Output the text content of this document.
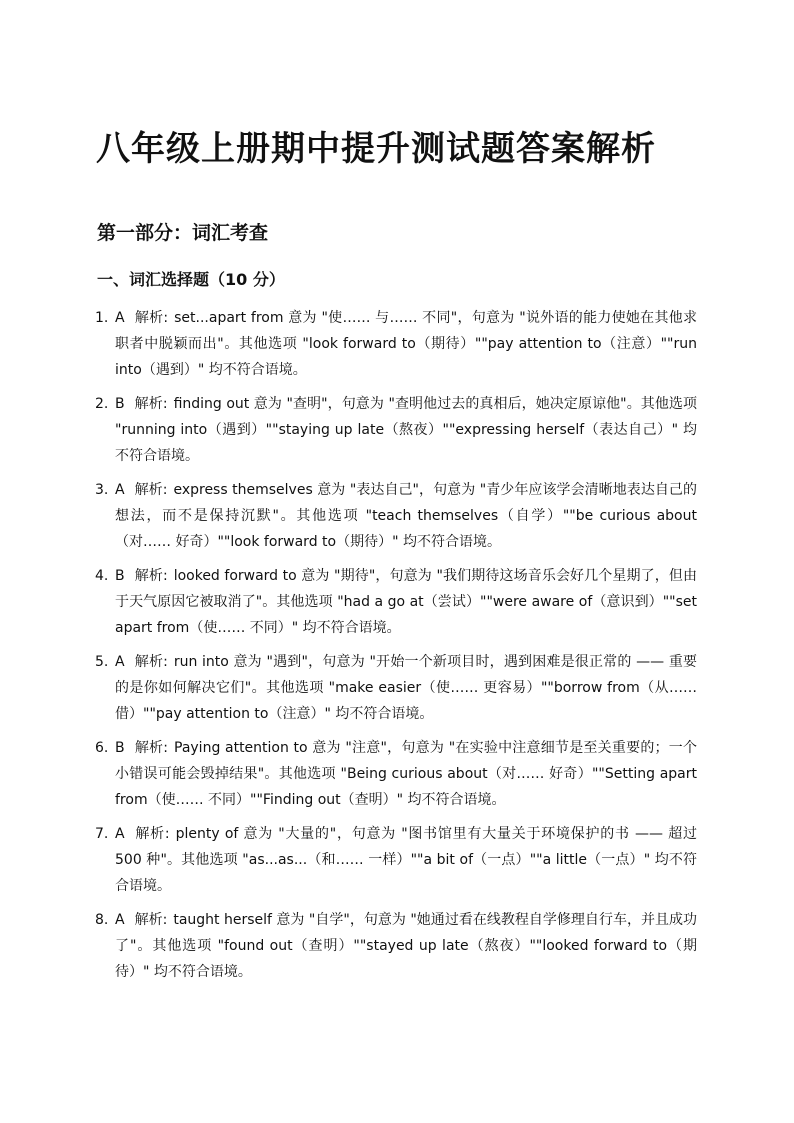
八年级上册期中提升测试题答案解析
第一部分：词汇考查
一、词汇选择题（10 分）

1. A 解析: set...apart from 意为 "使…… 与…… 不同"，句意为 "说外语的能力使她在其他求职者中脱颖而出"。其他选项 "look forward to（期待）""pay attention to（注意）""run into（遇到）" 均不符合语境。

2. B 解析: finding out 意为 "查明"，句意为 "查明他过去的真相后，她决定原谅他"。其他选项 "running into（遇到）""staying up late（熬夜）""expressing herself（表达自己）" 均不符合语境。

3. A 解析: express themselves 意为 "表达自己"，句意为 "青少年应该学会清晰地表达自己的想法，而不是保持沉默"。其他选项 "teach themselves（自学）""be curious about（对…… 好奇）""look forward to（期待）" 均不符合语境。

4. B 解析: looked forward to 意为 "期待"，句意为 "我们期待这场音乐会好几个星期了，但由于天气原因它被取消了"。其他选项 "had a go at（尝试）""were aware of（意识到）""set apart from（使…… 不同）" 均不符合语境。

5. A 解析: run into 意为 "遇到"，句意为 "开始一个新项目时，遇到困难是很正常的 —— 重要的是你如何解决它们"。其他选项 "make easier（使…… 更容易）""borrow from（从…… 借）""pay attention to（注意）" 均不符合语境。

6. B 解析: Paying attention to 意为 "注意"，句意为 "在实验中注意细节是至关重要的；一个小错误可能会毁掉结果"。其他选项 "Being curious about（对…… 好奇）""Setting apart from（使…… 不同）""Finding out（查明）" 均不符合语境。

7. A 解析: plenty of 意为 "大量的"，句意为 "图书馆里有大量关于环境保护的书 —— 超过 500 种"。其他选项 "as...as...（和…… 一样）""a bit of（一点）""a little（一点）" 均不符合语境。

8. A 解析: taught herself 意为 "自学"，句意为 "她通过看在线教程自学修理自行车，并且成功了"。其他选项 "found out（查明）""stayed up late（熬夜）""looked forward to（期待）" 均不符合语境。
